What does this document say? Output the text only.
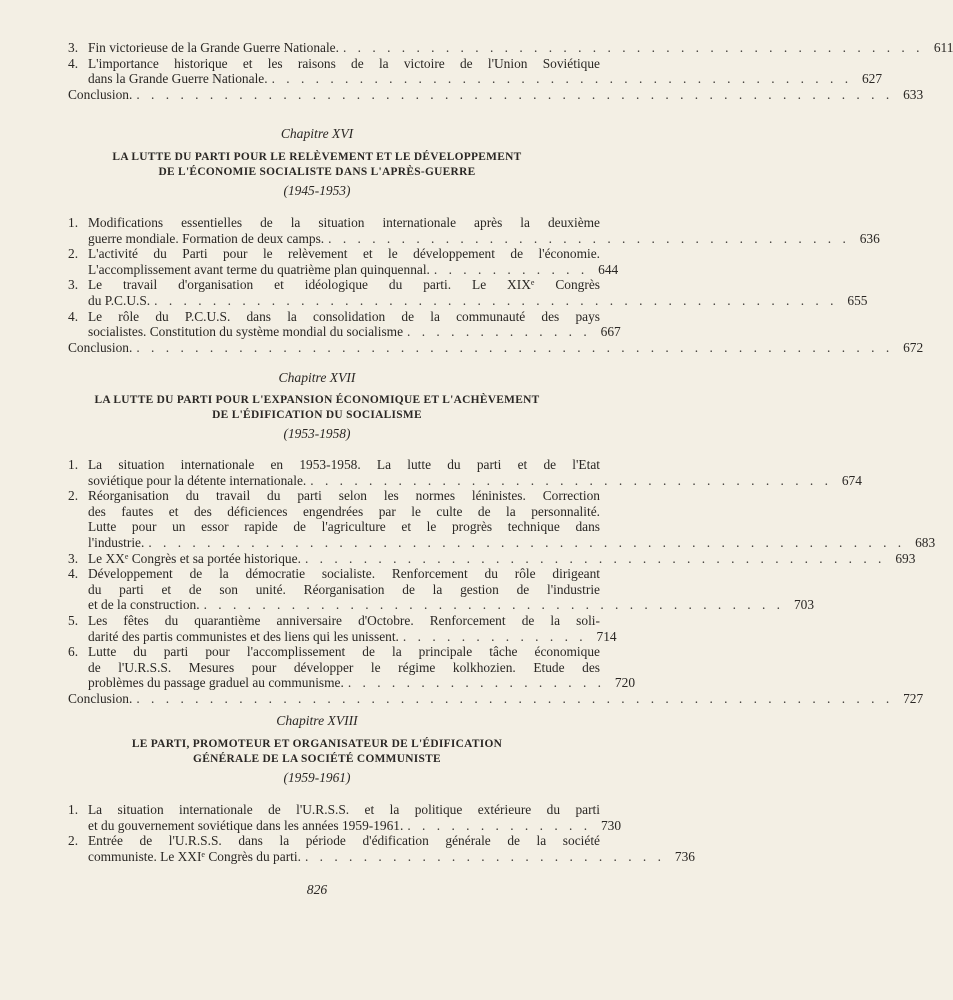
3. Fin victorieuse de la Grande Guerre Nationale. . . . . . . . . . . . . . . . . . . . . . . . . . . . . . . . . . . . . . . . . 611
4. L'importance historique et les raisons de la victoire de l'Union Soviétique
dans la Grande Guerre Nationale. . . . . . . . . . . . . . . . . . . . . . . . . . . . . . . . . . . . . . . . . 627
Conclusion. . . . . . . . . . . . . . . . . . . . . . . . . . . . . . . . . . . . . . . . . . . . . . . . . . . . . 633
Chapitre XVI
LA LUTTE DU PARTI POUR LE RELÈVEMENT ET LE DÉVELOPPEMENT
DE L'ÉCONOMIE SOCIALISTE DANS L'APRÈS-GUERRE
(1945-1953)
1. Modifications essentielles de la situation internationale après la deuxième
guerre mondiale. Formation de deux camps. . . . . . . . . . . . . . . . . . . . . . . . . . . . . . . . . . . . . 636
2. L'activité du Parti pour le relèvement et le développement de l'économie.
L'accomplissement avant terme du quatrième plan quinquennal. . . . . . . . . . . . 644
3. Le travail d'organisation et idéologique du parti. Le XIXe Congrès
du P.C.U.S. . . . . . . . . . . . . . . . . . . . . . . . . . . . . . . . . . . . . . . . . . . . . . . . 655
4. Le rôle du P.C.U.S. dans la consolidation de la communauté des pays
socialistes. Constitution du système mondial du socialisme . . . . . . . . . . . . . 667
Conclusion. . . . . . . . . . . . . . . . . . . . . . . . . . . . . . . . . . . . . . . . . . . . . . . . . . . . . 672
Chapitre XVII
LA LUTTE DU PARTI POUR L'EXPANSION ÉCONOMIQUE ET L'ACHÈVEMENT
DE L'ÉDIFICATION DU SOCIALISME
(1953-1958)
1. La situation internationale en 1953-1958. La lutte du parti et de l'Etat
soviétique pour la détente internationale. . . . . . . . . . . . . . . . . . . . . . . . . . . . . . . . . . . . . 674
2. Réorganisation du travail du parti selon les normes léninistes. Correction
des fautes et des déficiences engendrées par le culte de la personnalité.
Lutte pour un essor rapide de l'agriculture et le progrès technique dans
l'industrie. . . . . . . . . . . . . . . . . . . . . . . . . . . . . . . . . . . . . . . . . . . . . . . . . . . . . 683
3. Le XXe Congrès et sa portée historique. . . . . . . . . . . . . . . . . . . . . . . . . . . . . . . . . . . . . . . . . 693
4. Développement de la démocratie socialiste. Renforcement du rôle dirigeant
du parti et de son unité. Réorganisation de la gestion de l'industrie
et de la construction. . . . . . . . . . . . . . . . . . . . . . . . . . . . . . . . . . . . . . . . . 703
5. Les fêtes du quarantième anniversaire d'Octobre. Renforcement de la soli-
darité des partis communistes et des liens qui les unissent. . . . . . . . . . . . . . 714
6. Lutte du parti pour l'accomplissement de la principale tâche économique
de l'U.R.S.S. Mesures pour développer le régime kolkhozien. Etude des
problèmes du passage graduel au communisme. . . . . . . . . . . . . . . . . . . 720
Conclusion. . . . . . . . . . . . . . . . . . . . . . . . . . . . . . . . . . . . . . . . . . . . . . . . . . . . . 727
Chapitre XVIII
LE PARTI, PROMOTEUR ET ORGANISATEUR DE L'ÉDIFICATION
GÉNÉRALE DE LA SOCIÉTÉ COMMUNISTE
(1959-1961)
1. La situation internationale de l'U.R.S.S. et la politique extérieure du parti
et du gouvernement soviétique dans les années 1959-1961. . . . . . . . . . . . . . 730
2. Entrée de l'U.R.S.S. dans la période d'édification générale de la société
communiste. Le XXIe Congrès du parti. . . . . . . . . . . . . . . . . . . . . . . . . . 736
826
